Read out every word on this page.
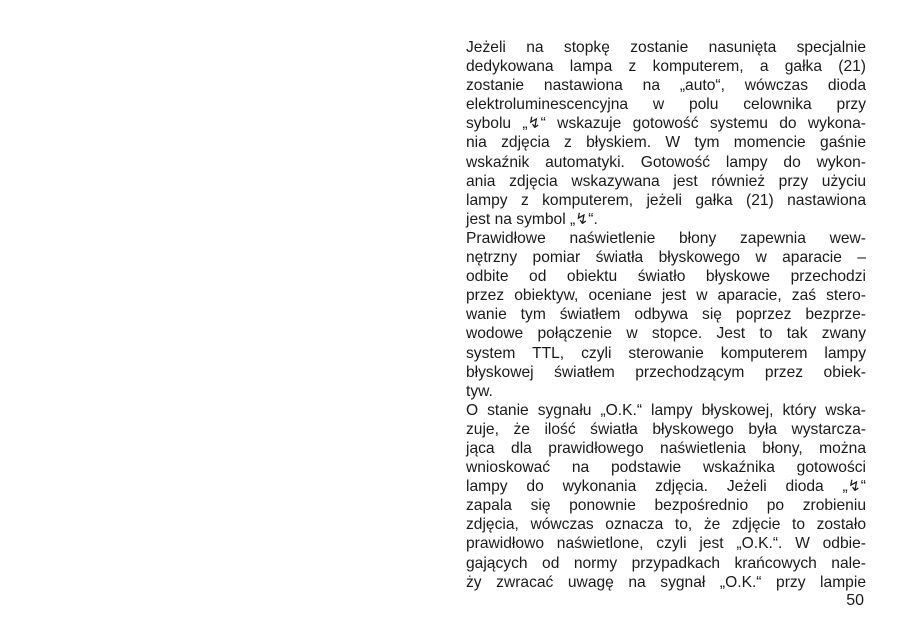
Jeżeli na stopkę zostanie nasunięta specjalnie
dedykowana lampa z komputerem, a gałka (21)
zostanie nastawiona na „auto“, wówczas dioda
elektroluminescencyjna w polu celownika przy
sybolu „↯“ wskazuje gotowość systemu do wykona-
nia zdjęcia z błyskiem. W tym momencie gaśnie
wskaźnik automatyki. Gotowość lampy do wykon-
ania zdjęcia wskazywana jest również przy użyciu
lampy z komputerem, jeżeli gałka (21) nastawiona
jest na symbol „↯“.
Prawidłowe naświetlenie błony zapewnia wew-
nętrzny pomiar światła błyskowego w aparacie –
odbite od obiektu światło błyskowe przechodzi
przez obiektyw, oceniane jest w aparacie, zaś stero-
wanie tym światłem odbywa się poprzez bezprze-
wodowe połączenie w stopce. Jest to tak zwany
system TTL, czyli sterowanie komputerem lampy
błyskowej światłem przechodzącym przez obiek-
tyw.
O stanie sygnału „O.K.“ lampy błyskowej, który wska-
zuje, że ilość światła błyskowego była wystarcza-
jąca dla prawidłowego naświetlenia błony, można
wnioskować na podstawie wskaźnika gotowości
lampy do wykonania zdjęcia. Jeżeli dioda „↯“
zapala się ponownie bezpośrednio po zrobieniu
zdjęcia, wówczas oznacza to, że zdjęcie to zostało
prawidłowo naświetlone, czyli jest „O.K.“. W odbie-
gających od normy przypadkach krańcowych nale-
ży zwracać uwagę na sygnał „O.K.“ przy lampie
50
